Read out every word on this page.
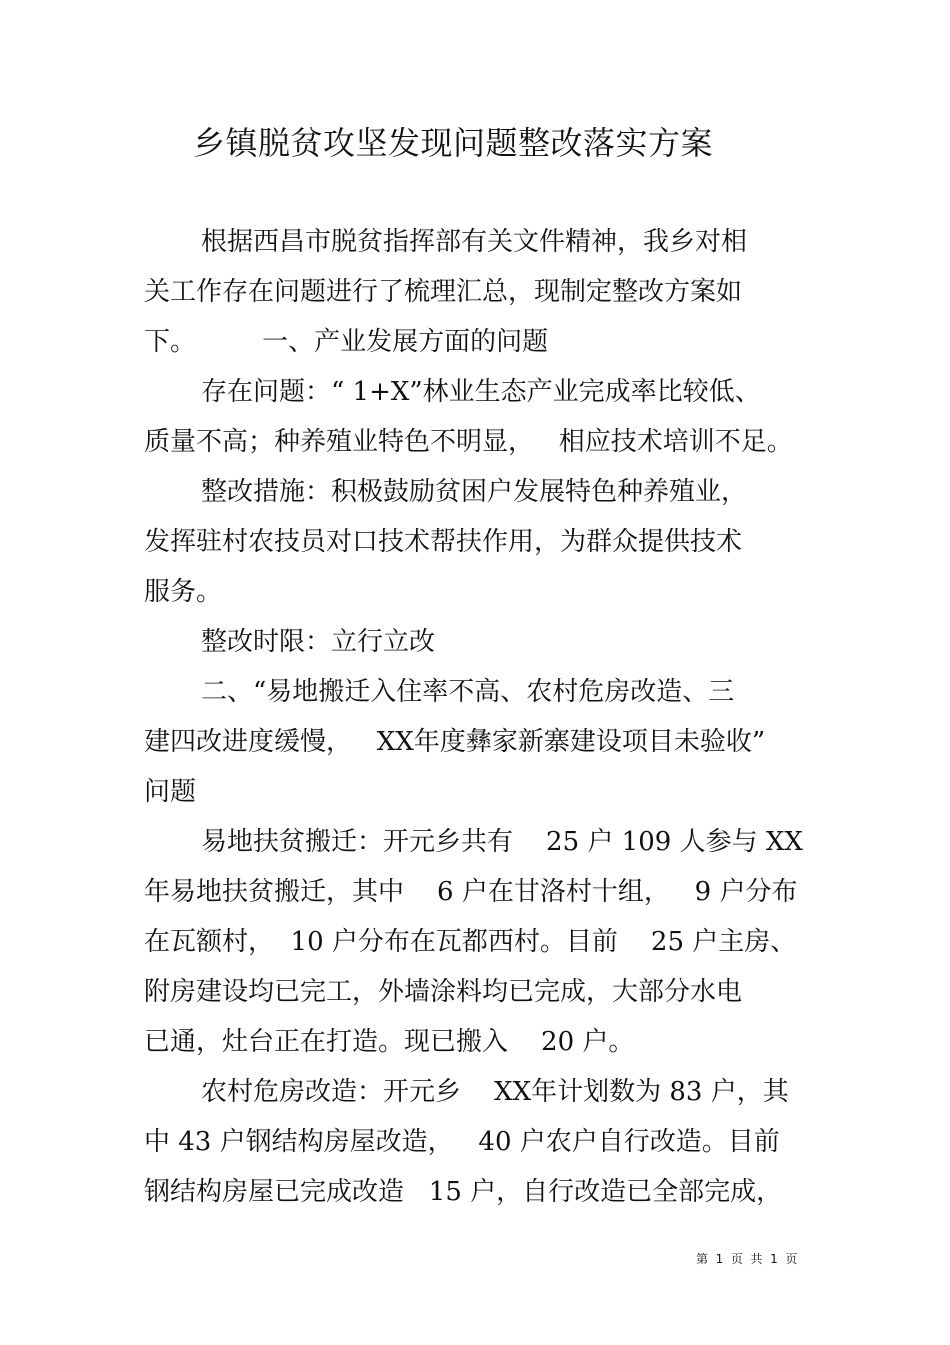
乡镇脱贫攻坚发现问题整改落实方案
根据西昌市脱贫指挥部有关文件精神，我乡对相
关工作存在问题进行了梳理汇总，现制定整改方案如
下。        一、产业发展方面的问题
存在问题：“ 1+X”林业生态产业完成率比较低、
质量不高；种养殖业特色不明显，   相应技术培训不足。
整改措施：积极鼓励贫困户发展特色种养殖业，
发挥驻村农技员对口技术帮扶作用，为群众提供技术
服务。
整改时限：立行立改
二、“易地搬迁入住率不高、农村危房改造、三
建四改进度缓慢，   XX年度彝家新寨建设项目未验收”
问题
易地扶贫搬迁：开元乡共有    25 户 109 人参与 XX
年易地扶贫搬迁，其中    6 户在甘洛村十组，   9 户分布
在瓦额村，  10 户分布在瓦都西村。目前    25 户主房、
附房建设均已完工，外墙涂料均已完成，大部分水电
已通，灶台正在打造。现已搬入    20 户。
农村危房改造：开元乡    XX年计划数为 83 户，其
中 43 户钢结构房屋改造，   40 户农户自行改造。目前
钢结构房屋已完成改造   15 户，自行改造已全部完成，
第  1  页  共  1  页
